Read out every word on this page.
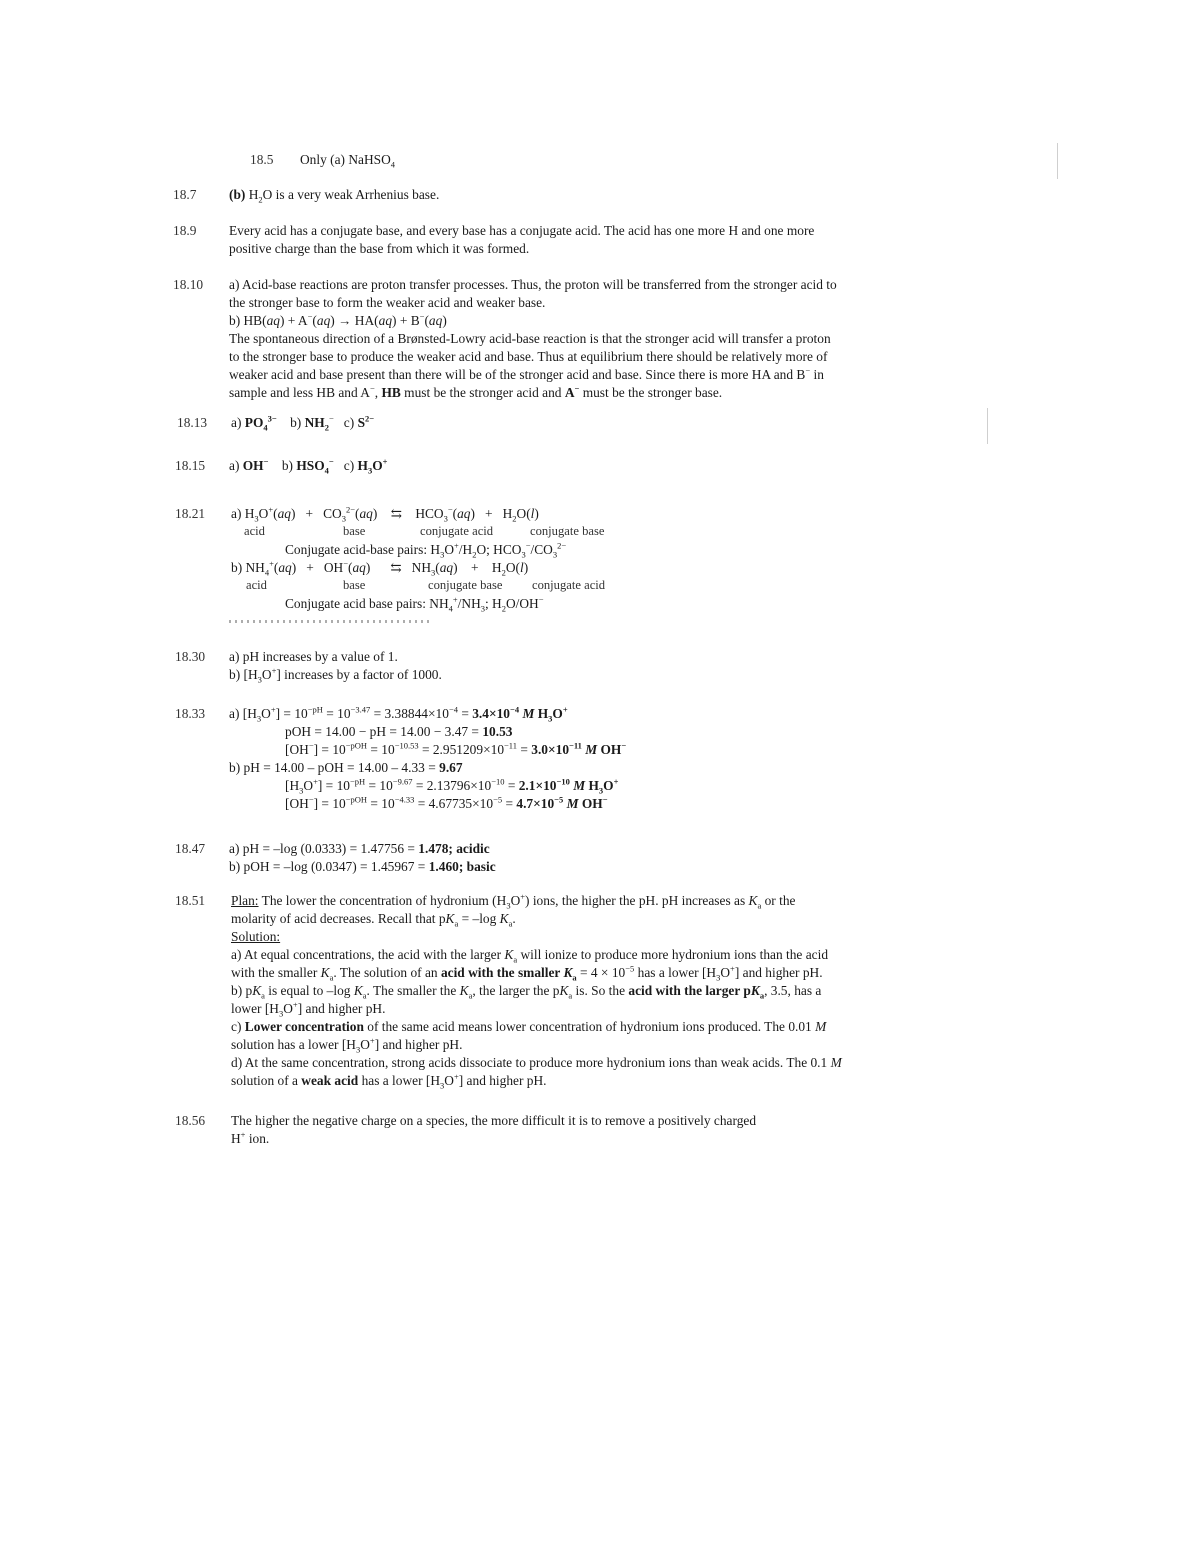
18.5 Only (a) NaHSO$_4$
18.7 (b) $H_2O$ is a very weak Arrhenius base.
18.9 Every acid has a conjugate base, and every base has a conjugate acid. The acid has one more H and one more
positive charge than the base from which it was formed.
18.10 a) Acid-base reactions are proton transfer processes. Thus, the proton will be transferred from the stronger acid to
the stronger base to form the weaker acid and weaker base.
b) HB(aq) + A−(aq) → HA(aq) + B−(aq)
The spontaneous direction of a Brønsted-Lowry acid-base reaction is that the stronger acid will transfer a proton
to the stronger base to produce the weaker acid and base. Thus at equilibrium there should be relatively more of
weaker acid and base present than there will be of the stronger acid and base. Since there is more HA and B− in
sample and less HB and A−, HB must be the stronger acid and A− must be the stronger base.
18.13 a) $PO_4^{3-}$    b) $NH_2^-$   c) $S^{2-}$
18.15 a) OH−    b) $HSO_4^-$   c) $H_3O^+$
18.21 a) $H_3O^+(aq) + CO_3^{2-}(aq)$    ⇆    $HCO_3^-(aq) + H_2O(l)$
acid	base	conjugate acid	conjugate base
Conjugate acid-base pairs: $H_3O^+/H_2O$; $HCO_3^-/CO_3^{2-}$
b) $NH_4^+(aq) + OH^-(aq)$      ⇆   $NH_3(aq)$    +    $H_2O(l)$
acid	base	conjugate base conjugate acid
Conjugate acid base pairs: $NH_4^+/NH_3$; $H_2O/OH^-$
18.30 a) pH increases by a value of 1.
b) $[H_3O^+]$ increases by a factor of 1000.
18.33 a) $[H_3O^+] = 10^{-pH} = 10^{-3.47} = 3.38844\times 10^{-4} = 3.4\times 10^{-4}$ M $H_3O^+$
pOH = 14.00 − pH = 14.00 − 3.47 = 10.53
$[OH^-] = 10^{-pOH} = 10^{-10.53} = 2.951209\times 10^{-11} = 3.0\times 10^{-11}$ M OH−
b) pH = 14.00 – pOH = 14.00 – 4.33 = 9.67
$[H_3O^+] = 10^{-pH} = 10^{-9.67} = 2.13796\times 10^{-10} = 2.1\times 10^{-10}$ M $H_3O^+$
$[OH^-] = 10^{-pOH} = 10^{-4.33} = 4.67735\times 10^{-5} = 4.7\times 10^{-5}$ M OH−
18.47 a) pH = –log (0.0333) = 1.47756 = 1.478; acidic
b) pOH = –log (0.0347) = 1.45967 = 1.460; basic
18.51 Plan: The lower the concentration of hydronium $(H_3O^+)$ ions, the higher the pH. pH increases as $K_a$ or the
molarity of acid decreases. Recall that $pK_a = -\log$ $K_a$.
Solution:
a) At equal concentrations, the acid with the larger $K_a$ will ionize to produce more hydronium ions than the acid
with the smaller $K_a$. The solution of an acid with the smaller $K_a = 4 \times 10^{-5}$ has a lower $[H_3O^+]$ and higher pH.
b) $pK_a$ is equal to –log $K_a$. The smaller the $K_a$, the larger the $pK_a$ is. So the acid with the larger $pK_a$, 3.5, has a
lower $[H_3O^+]$ and higher pH.
c) Lower concentration of the same acid means lower concentration of hydronium ions produced. The 0.01 M
solution has a lower $[H_3O^+]$ and higher pH.
d) At the same concentration, strong acids dissociate to produce more hydronium ions than weak acids. The 0.1 M
solution of a weak acid has a lower $[H_3O^+]$ and higher pH.
18.56 The higher the negative charge on a species, the more difficult it is to remove a positively charged
H+ ion.
